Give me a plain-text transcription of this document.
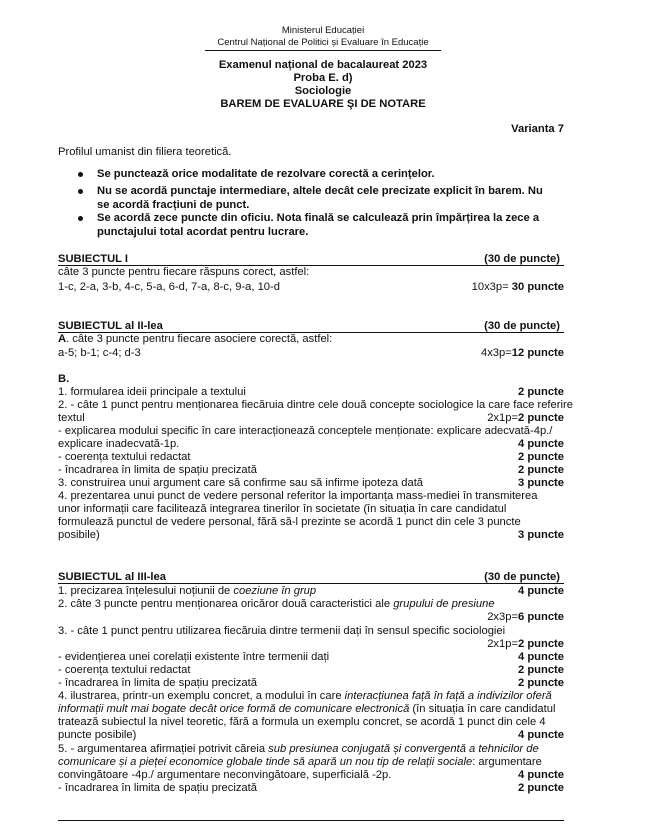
Ministerul Educației
Centrul Național de Politici și Evaluare în Educație
Examenul național de bacalaureat 2023
Proba E. d)
Sociologie
BAREM DE EVALUARE ŞI DE NOTARE
Varianta 7
Profilul umanist din filiera teoretică.
Se punctează orice modalitate de rezolvare corectă a cerințelor.
Nu se acordă punctaje intermediare, altele decât cele precizate explicit în barem. Nu
se acordă fracțiuni de punct.
Se acordă zece puncte din oficiu. Nota finală se calculează prin împărțirea la zece a
punctajului total acordat pentru lucrare.
SUBIECTUL I	(30 de puncte)
câte 3 puncte pentru fiecare răspuns corect, astfel:
1-c, 2-a, 3-b, 4-c, 5-a, 6-d, 7-a, 8-c, 9-a, 10-d	10x3p= 30 puncte
SUBIECTUL al II-lea	(30 de puncte)
A. câte 3 puncte pentru fiecare asociere corectă, astfel:
a-5; b-1; c-4; d-3	4x3p=12 puncte
B.
1. formularea ideii principale a textului	2 puncte
2. - câte 1 punct pentru menționarea fiecăruia dintre cele două concepte sociologice la care face referire
textul	2x1p=2 puncte
- explicarea modului specific în care interacționează conceptele menționate: explicare adecvată-4p./
explicare inadecvată-1p.	4 puncte
- coerența textului redactat	2 puncte
- încadrarea în limita de spațiu precizată	2 puncte
3. construirea unui argument care să confirme sau să infirme ipoteza dată	3 puncte
4. prezentarea unui punct de vedere personal referitor la importanța mass-mediei în transmiterea
unor informații care facilitează integrarea tinerilor în societate (în situația în care candidatul
formulează punctul de vedere personal, fără să-l prezinte se acordă 1 punct din cele 3 puncte
posibile)	3 puncte
SUBIECTUL al III-lea	(30 de puncte)
1. precizarea înțelesului noțiunii de coeziune în grup	4 puncte
2. câte 3 puncte pentru menționarea oricăror două caracteristici ale grupului de presiune
2x3p=6 puncte
3. - câte 1 punct pentru utilizarea fiecăruia dintre termenii dați în sensul specific sociologiei
2x1p=2 puncte
- evidențierea unei corelații existente între termenii dați	4 puncte
- coerența textului redactat	2 puncte
- încadrarea în limita de spațiu precizată	2 puncte
4. ilustrarea, printr-un exemplu concret, a modului în care interacțiunea față în față a indivizilor oferă
informații mult mai bogate decât orice formă de comunicare electronică (în situația în care candidatul
tratează subiectul la nivel teoretic, fără a formula un exemplu concret, se acordă 1 punct din cele 4
puncte posibile)	4 puncte
5. - argumentarea afirmației potrivit căreia sub presiunea conjugată și convergentă a tehnicilor de
comunicare și a pieței economice globale tinde să apară un nou tip de relații sociale: argumentare
convingătoare -4p./ argumentare neconvingătoare, superficială -2p.	4 puncte
- încadrarea în limita de spațiu precizată	2 puncte
